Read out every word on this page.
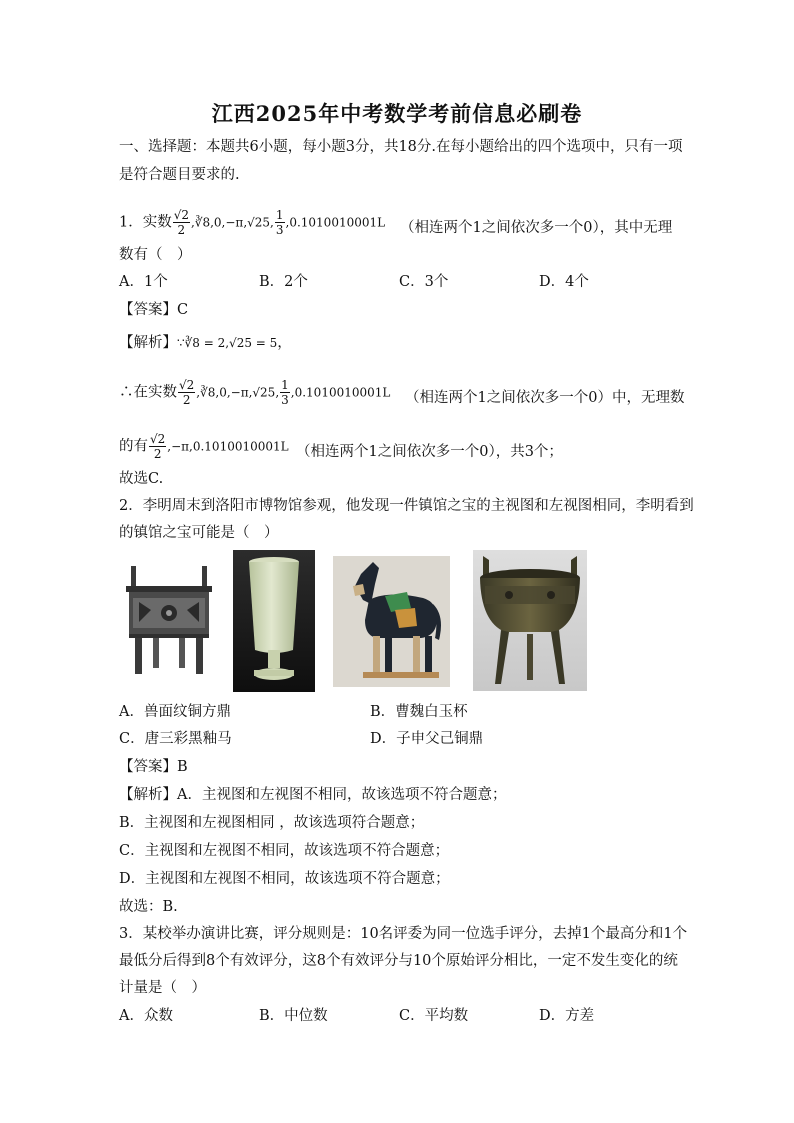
江西2025年中考数学考前信息必刷卷
一、选择题：本题共6小题，每小题3分，共18分.在每小题给出的四个选项中，只有一项
是符合题目要求的.
1．实数 $\frac{√2}{2}$ ,∛8,0,−π,√25, $\frac{1}{3} ,0.1010010001L$ （相连两个1之间依次多一个0），其中无理
数有（　）
A．1个	B．2个	C．3个	D．4个
【答案】C
【解析】∵∛8 = 2,√25 = 5，
∴在实数 $\frac{√2}{2}$ ,∛8,0,−π,√25, $\frac{1}{3} ,0.1010010001L$ （相连两个1之间依次多一个0）中，无理数
的有 $\frac{√2}{2} ,-\pi,0.1010010001L$ （相连两个1之间依次多一个0），共3个；
故选C.
2．李明周末到洛阳市博物馆参观，他发现一件镇馆之宝的主视图和左视图相同，李明看到
的镇馆之宝可能是（　）
A．兽面纹铜方鼎	B．曹魏白玉杯
C．唐三彩黑釉马	D．子申父己铜鼎
【答案】B
【解析】A．主视图和左视图不相同，故该选项不符合题意；
B．主视图和左视图相同 ，故该选项符合题意；
C．主视图和左视图不相同，故该选项不符合题意；
D．主视图和左视图不相同，故该选项不符合题意；
故选：B.
3．某校举办演讲比赛，评分规则是：10名评委为同一位选手评分，去掉1个最高分和1个
最低分后得到8个有效评分，这8个有效评分与10个原始评分相比，一定不发生变化的统
计量是（　）
A．众数	B．中位数	C．平均数	D．方差
